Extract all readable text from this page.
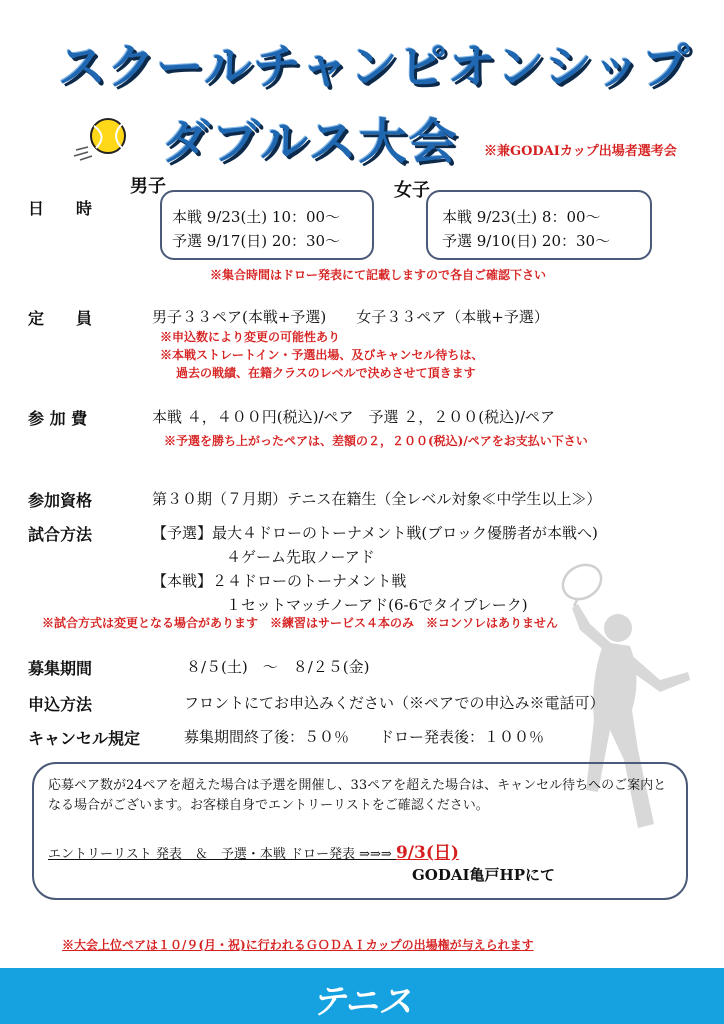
スクールチャンピオンシップ
ダブルス大会 ※兼GODAIカップ出場者選考会
日　　時
男子	女子
本戦 9/23(土) 10：00～
予選 9/17(日) 20：30～
本戦 9/23(土) 8：00～
予選 9/10(日) 20：30～
※集合時間はドロー発表にて記載しますので各自ご確認下さい
定　　員	男子３３ペア(本戦+予選)　　女子３３ペア（本戦+予選）
※申込数により変更の可能性あり
※本戦ストレートイン・予選出場、及びキャンセル待ちは、
過去の戦績、在籍クラスのレベルで決めさせて頂きます
参 加 費	本戦 ４，４００円(税込)/ペア　予選 ２，２００(税込)/ペア
※予選を勝ち上がったペアは、差額の２，２００(税込)/ペアをお支払い下さい
参加資格	第３０期（７月期）テニス在籍生（全レベル対象≪中学生以上≫）
試合方法	【予選】最大４ドローのトーナメント戦(ブロック優勝者が本戦へ)
４ゲーム先取ノーアド
【本戦】２４ドローのトーナメント戦
１セットマッチノーアド(6-6でタイブレーク)
※試合方式は変更となる場合があります　※練習はサービス４本のみ　※コンソレはありません
募集期間	８/５(土)　～　８/２５(金)
申込方法	フロントにてお申込みください（※ペアでの申込み※電話可）
キャンセル規定	募集期間終了後：５０％　　ドロー発表後：１００％
応募ペア数が24ペアを超えた場合は予選を開催し、33ペアを超えた場合は、キャンセル待ちへのご案内となる場合がございます。お客様自身でエントリーリストをご確認ください。
エントリーリスト 発表　＆　予選・本戦 ドロー発表 ⇒⇒⇒ 9/3(日)
GODAI亀戸HPにて
※大会上位ペアは１０/９(月・祝)に行われるＧＯＤＡＩカップの出場権が与えられます
テニス
